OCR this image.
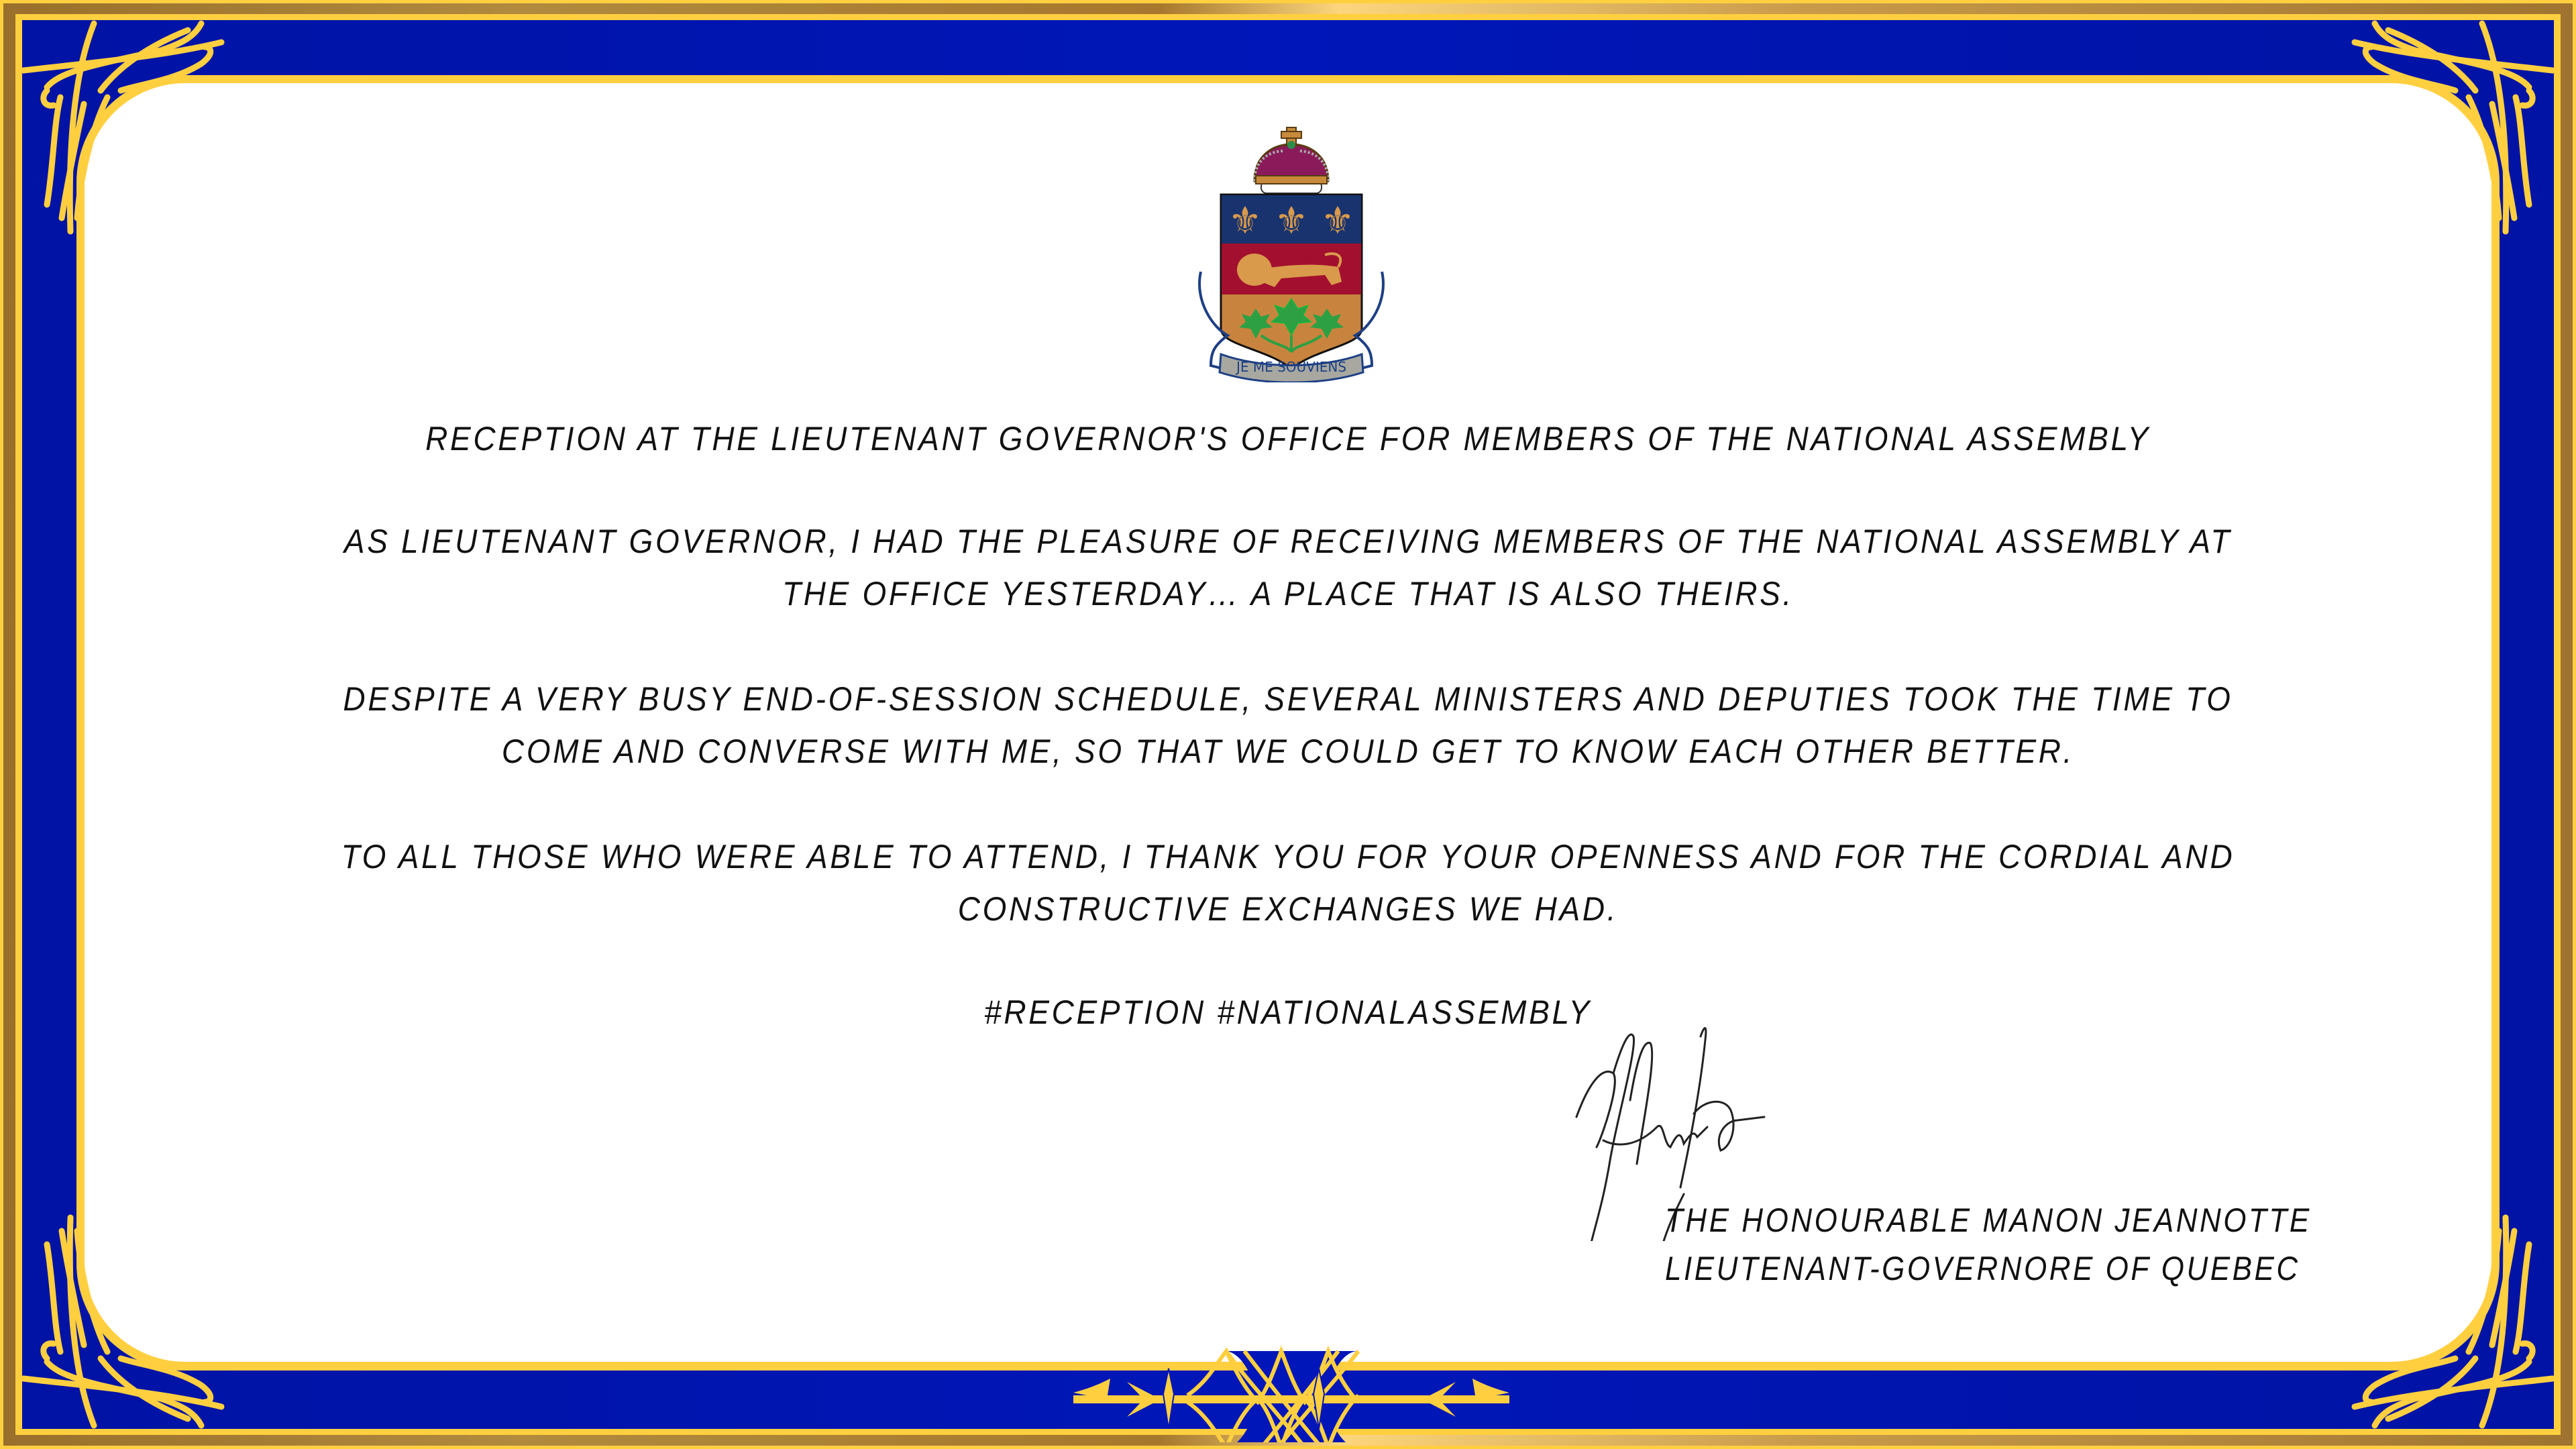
⚜ ⚜ ⚜
JE ME SOUVIENS
RECEPTION AT THE LIEUTENANT GOVERNOR'S OFFICE FOR MEMBERS OF THE NATIONAL ASSEMBLY
AS LIEUTENANT GOVERNOR, I HAD THE PLEASURE OF RECEIVING MEMBERS OF THE NATIONAL ASSEMBLY AT
THE OFFICE YESTERDAY… A PLACE THAT IS ALSO THEIRS.
DESPITE A VERY BUSY END-OF-SESSION SCHEDULE, SEVERAL MINISTERS AND DEPUTIES TOOK THE TIME TO
COME AND CONVERSE WITH ME, SO THAT WE COULD GET TO KNOW EACH OTHER BETTER.
TO ALL THOSE WHO WERE ABLE TO ATTEND, I THANK YOU FOR YOUR OPENNESS AND FOR THE CORDIAL AND
CONSTRUCTIVE EXCHANGES WE HAD.
#RECEPTION #NATIONALASSEMBLY
THE HONOURABLE MANON JEANNOTTE
LIEUTENANT-GOVERNORE OF QUEBEC
